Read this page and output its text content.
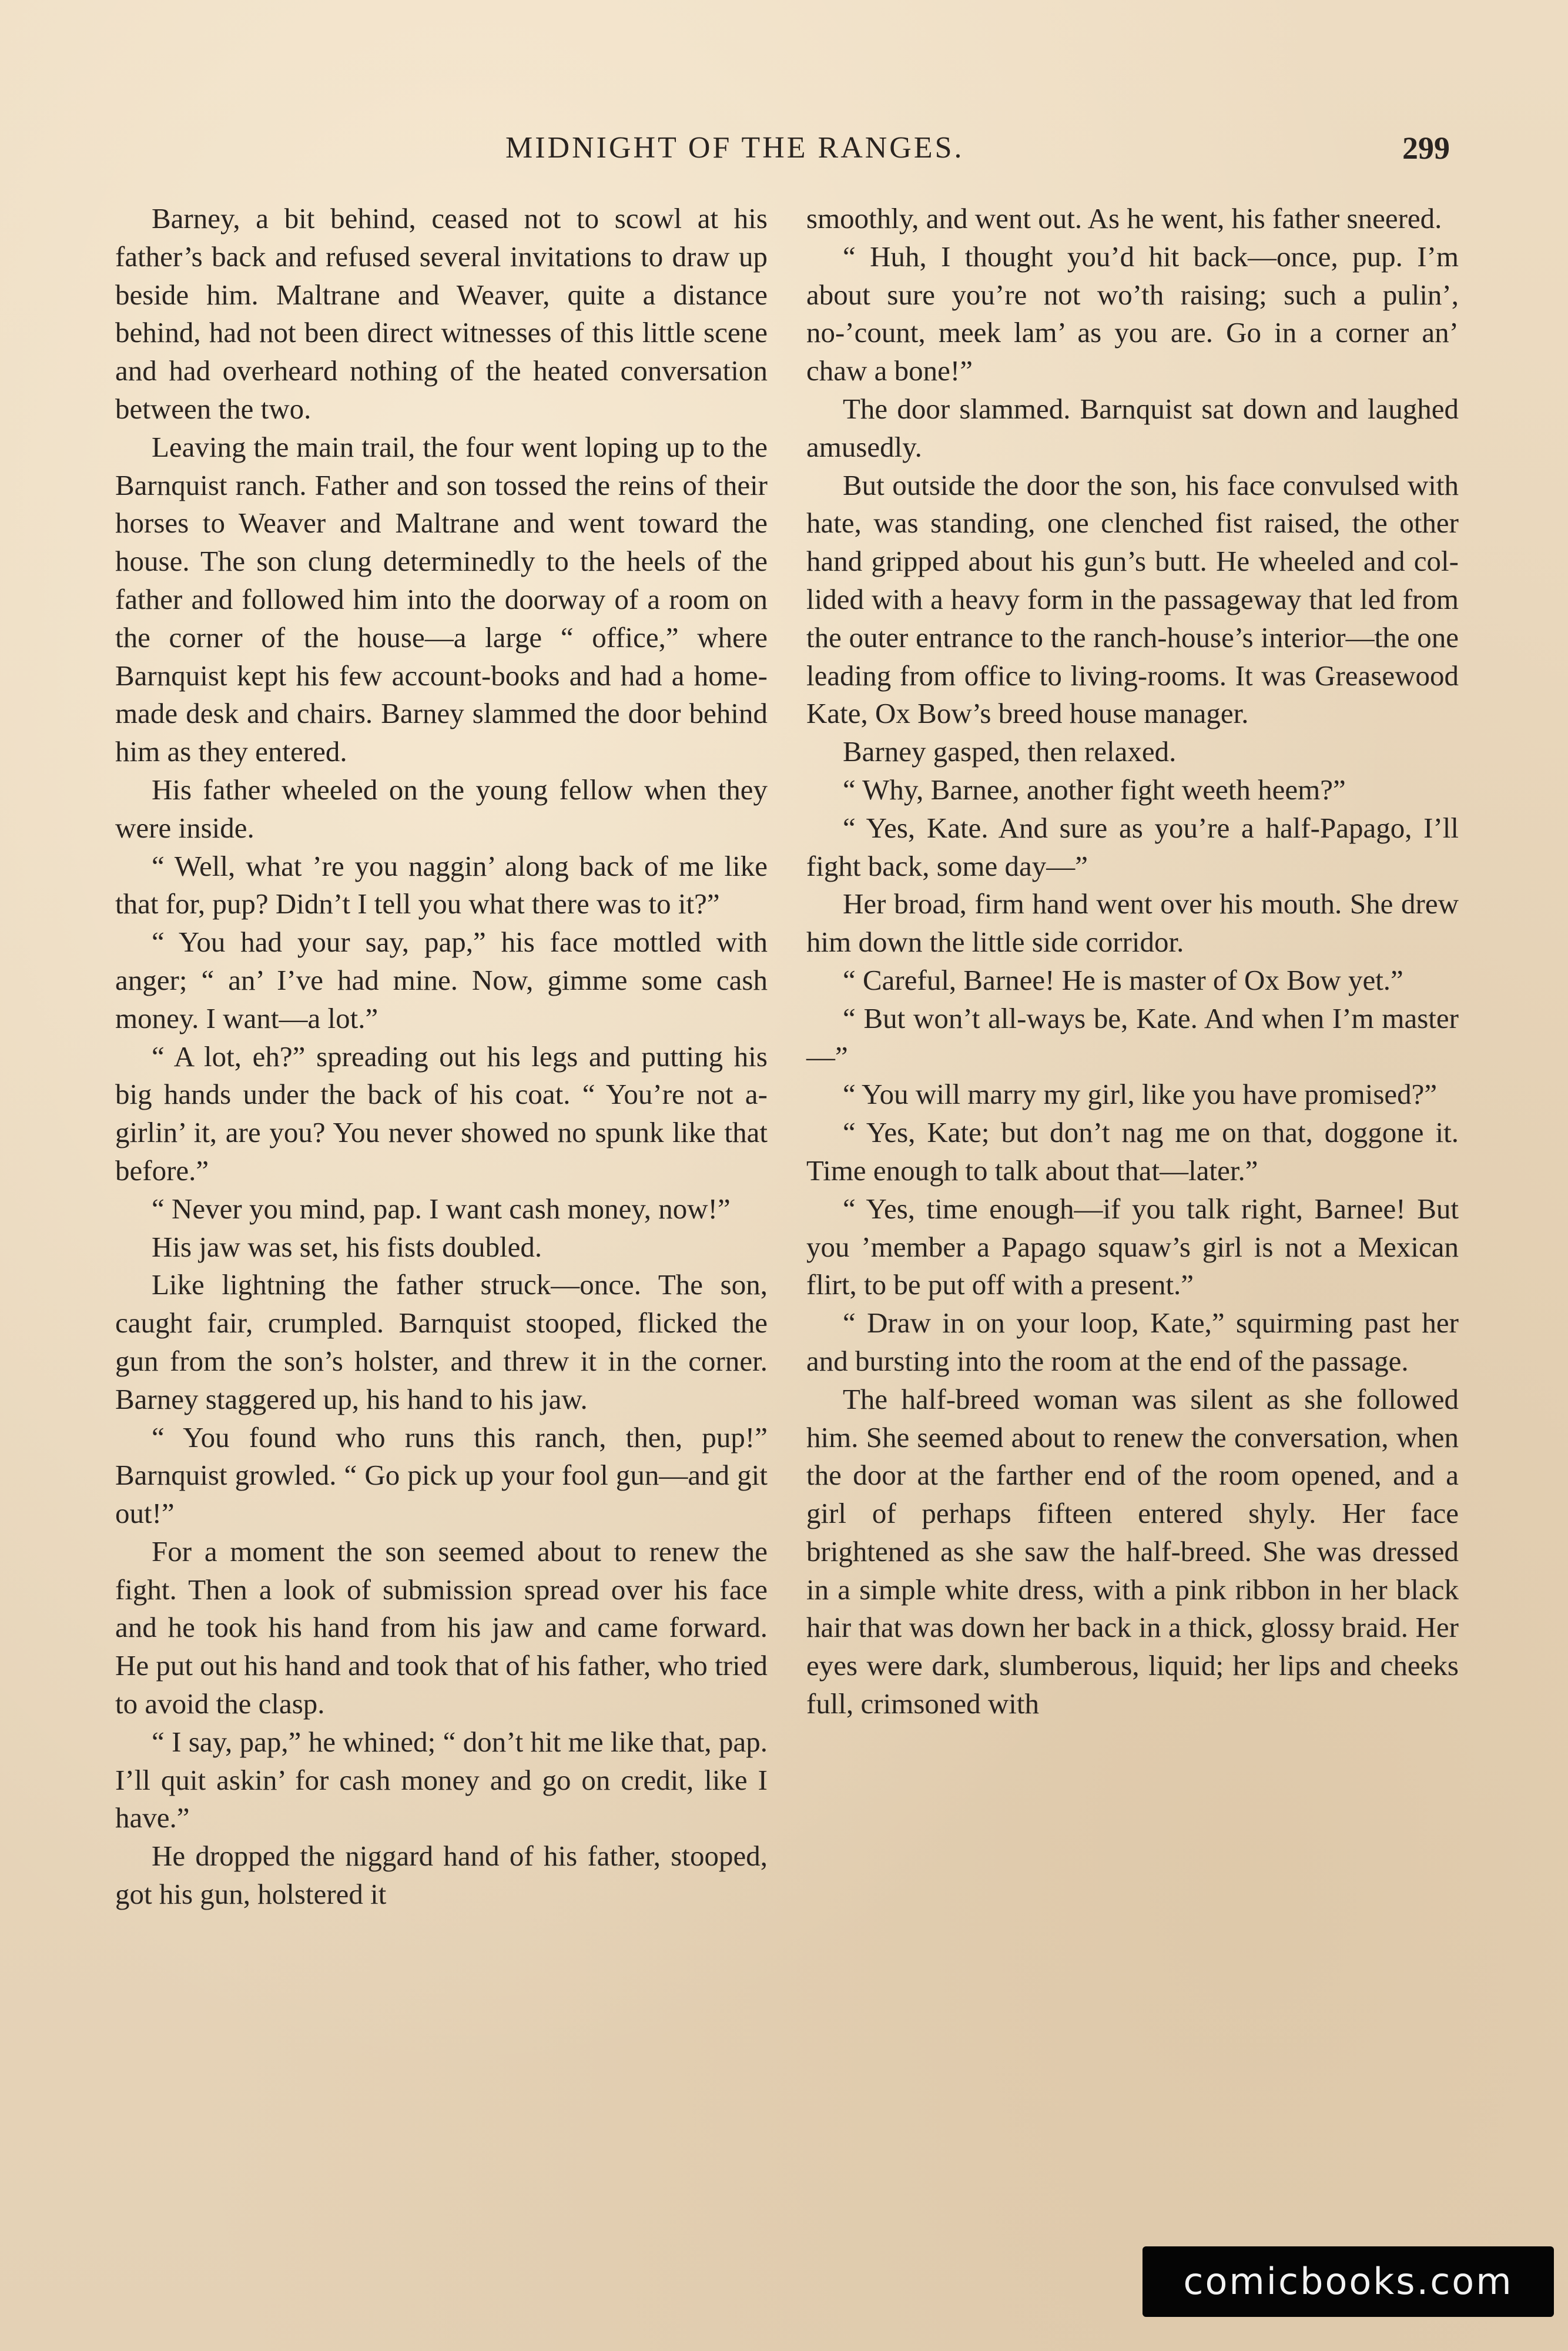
MIDNIGHT OF THE RANGES.	299

Barney, a bit behind, ceased not to scowl at his father’s back and refused several invitations to draw up beside him. Maltrane and Weaver, quite a distance behind, had not been direct witnesses of this little scene and had overheard nothing of the heated conversation between the two.

Leaving the main trail, the four went loping up to the Barnquist ranch. Father and son tossed the reins of their horses to Weaver and Maltrane and went toward the house. The son clung determinedly to the heels of the father and followed him into the doorway of a room on the corner of the house—a large “ office,” where Barnquist kept his few account-books and had a homemade desk and chairs. Barney slammed the door behind him as they entered.

His father wheeled on the young fellow when they were inside.

“ Well, what ’re you naggin’ along back of me like that for, pup? Didn’t I tell you what there was to it?”

“ You had your say, pap,” his face mottled with anger; “ an’ I’ve had mine. Now, gimme some cash money. I want—a lot.”

“ A lot, eh?” spreading out his legs and putting his big hands under the back of his coat. “ You’re not a-girlin’ it, are you? You never showed no spunk like that before.”

“ Never you mind, pap. I want cash money, now!”

His jaw was set, his fists doubled.

Like lightning the father struck—once. The son, caught fair, crumpled. Barnquist stooped, flicked the gun from the son’s holster, and threw it in the corner. Barney staggered up, his hand to his jaw.

“ You found who runs this ranch, then, pup!” Barnquist growled. “ Go pick up your fool gun—and git out!”

For a moment the son seemed about to renew the fight. Then a look of submission spread over his face and he took his hand from his jaw and came forward. He put out his hand and took that of his father, who tried to avoid the clasp.

“ I say, pap,” he whined; “ don’t hit me like that, pap. I’ll quit askin’ for cash money and go on credit, like I have.”

He dropped the niggard hand of his father, stooped, got his gun, holstered it

smoothly, and went out. As he went, his father sneered.

“ Huh, I thought you’d hit back—once, pup. I’m about sure you’re not wo’th raising; such a pulin’, no-’count, meek lam’ as you are. Go in a corner an’ chaw a bone!”

The door slammed. Barnquist sat down and laughed amusedly.

But outside the door the son, his face convulsed with hate, was standing, one clenched fist raised, the other hand gripped about his gun’s butt. He wheeled and collided with a heavy form in the passageway that led from the outer entrance to the ranch-house’s interior—the one leading from office to living-rooms. It was Greasewood Kate, Ox Bow’s breed house manager.

Barney gasped, then relaxed.

“ Why, Barnee, another fight weeth heem?”

“ Yes, Kate. And sure as you’re a half-Papago, I’ll fight back, some day—”

Her broad, firm hand went over his mouth. She drew him down the little side corridor.

“ Careful, Barnee! He is master of Ox Bow yet.”

“ But won’t all-ways be, Kate. And when I’m master—”

“ You will marry my girl, like you have promised?”

“ Yes, Kate; but don’t nag me on that, doggone it. Time enough to talk about that—later.”

“ Yes, time enough—if you talk right, Barnee! But you ’member a Papago squaw’s girl is not a Mexican flirt, to be put off with a present.”

“ Draw in on your loop, Kate,” squirming past her and bursting into the room at the end of the passage.

The half-breed woman was silent as she followed him. She seemed about to renew the conversation, when the door at the farther end of the room opened, and a girl of perhaps fifteen entered shyly. Her face brightened as she saw the half-breed. She was dressed in a simple white dress, with a pink ribbon in her black hair that was down her back in a thick, glossy braid. Her eyes were dark, slumberous, liquid; her lips and cheeks full, crimsoned with

comicbooks.com
